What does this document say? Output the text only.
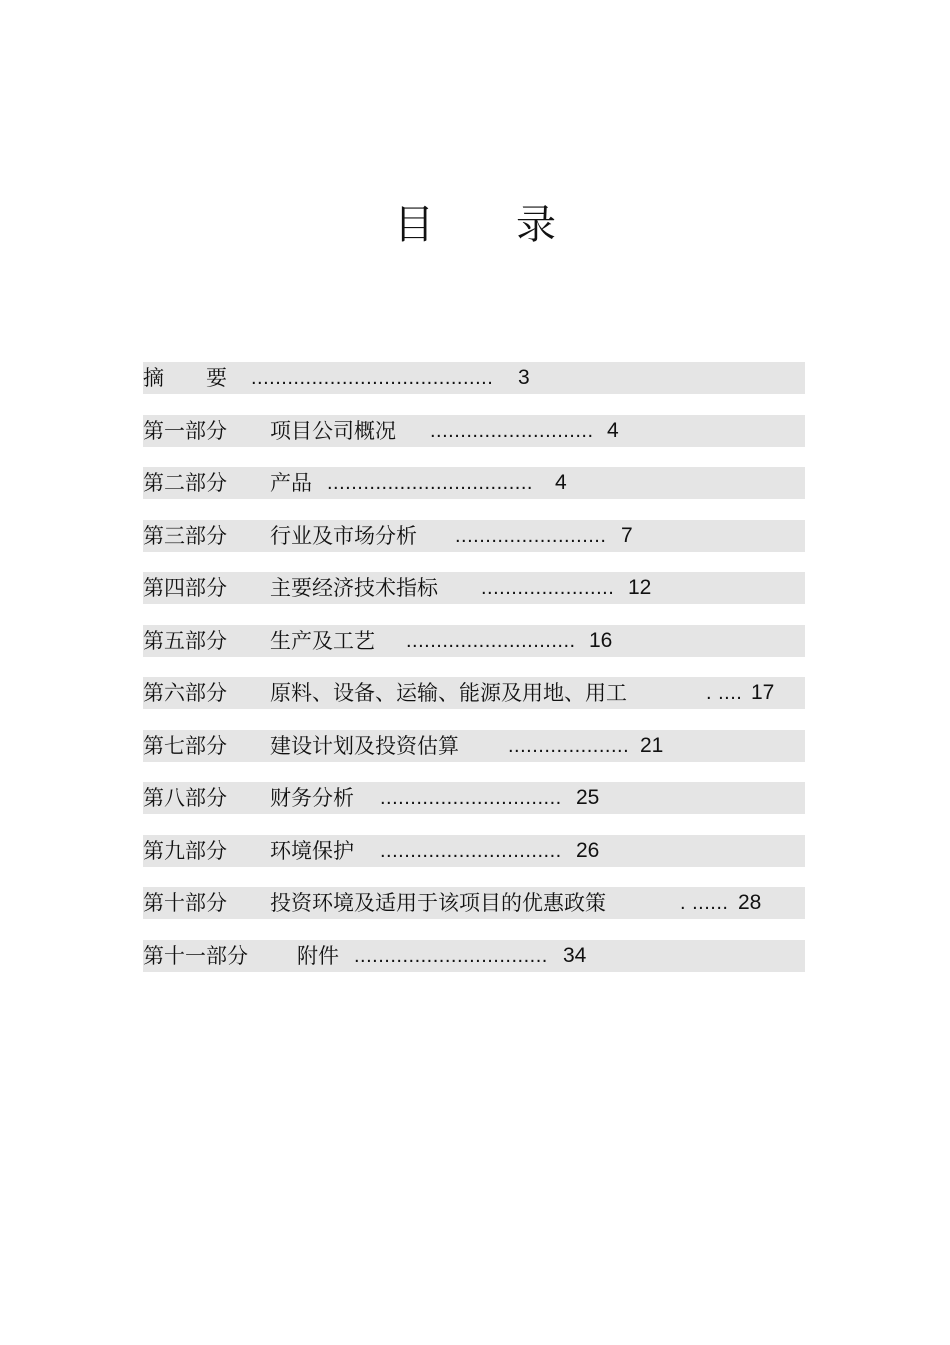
目 录
摘　　要 ........................................ 3
第一部分 项目公司概况 ........................... 4
第二部分 产品 .................................. 4
第三部分 行业及市场分析 ......................... 7
第四部分 主要经济技术指标 ...................... 12
第五部分 生产及工艺 ............................ 16
第六部分 原料、设备、运输、能源及用地、用工	. .... 17
第七部分 建设计划及投资估算 .................... 21
第八部分 财务分析 .............................. 25
第九部分 环境保护 .............................. 26
第十部分 投资环境及适用于该项目的优惠政策	. ...... 28
第十一部分 附件 ................................ 34
